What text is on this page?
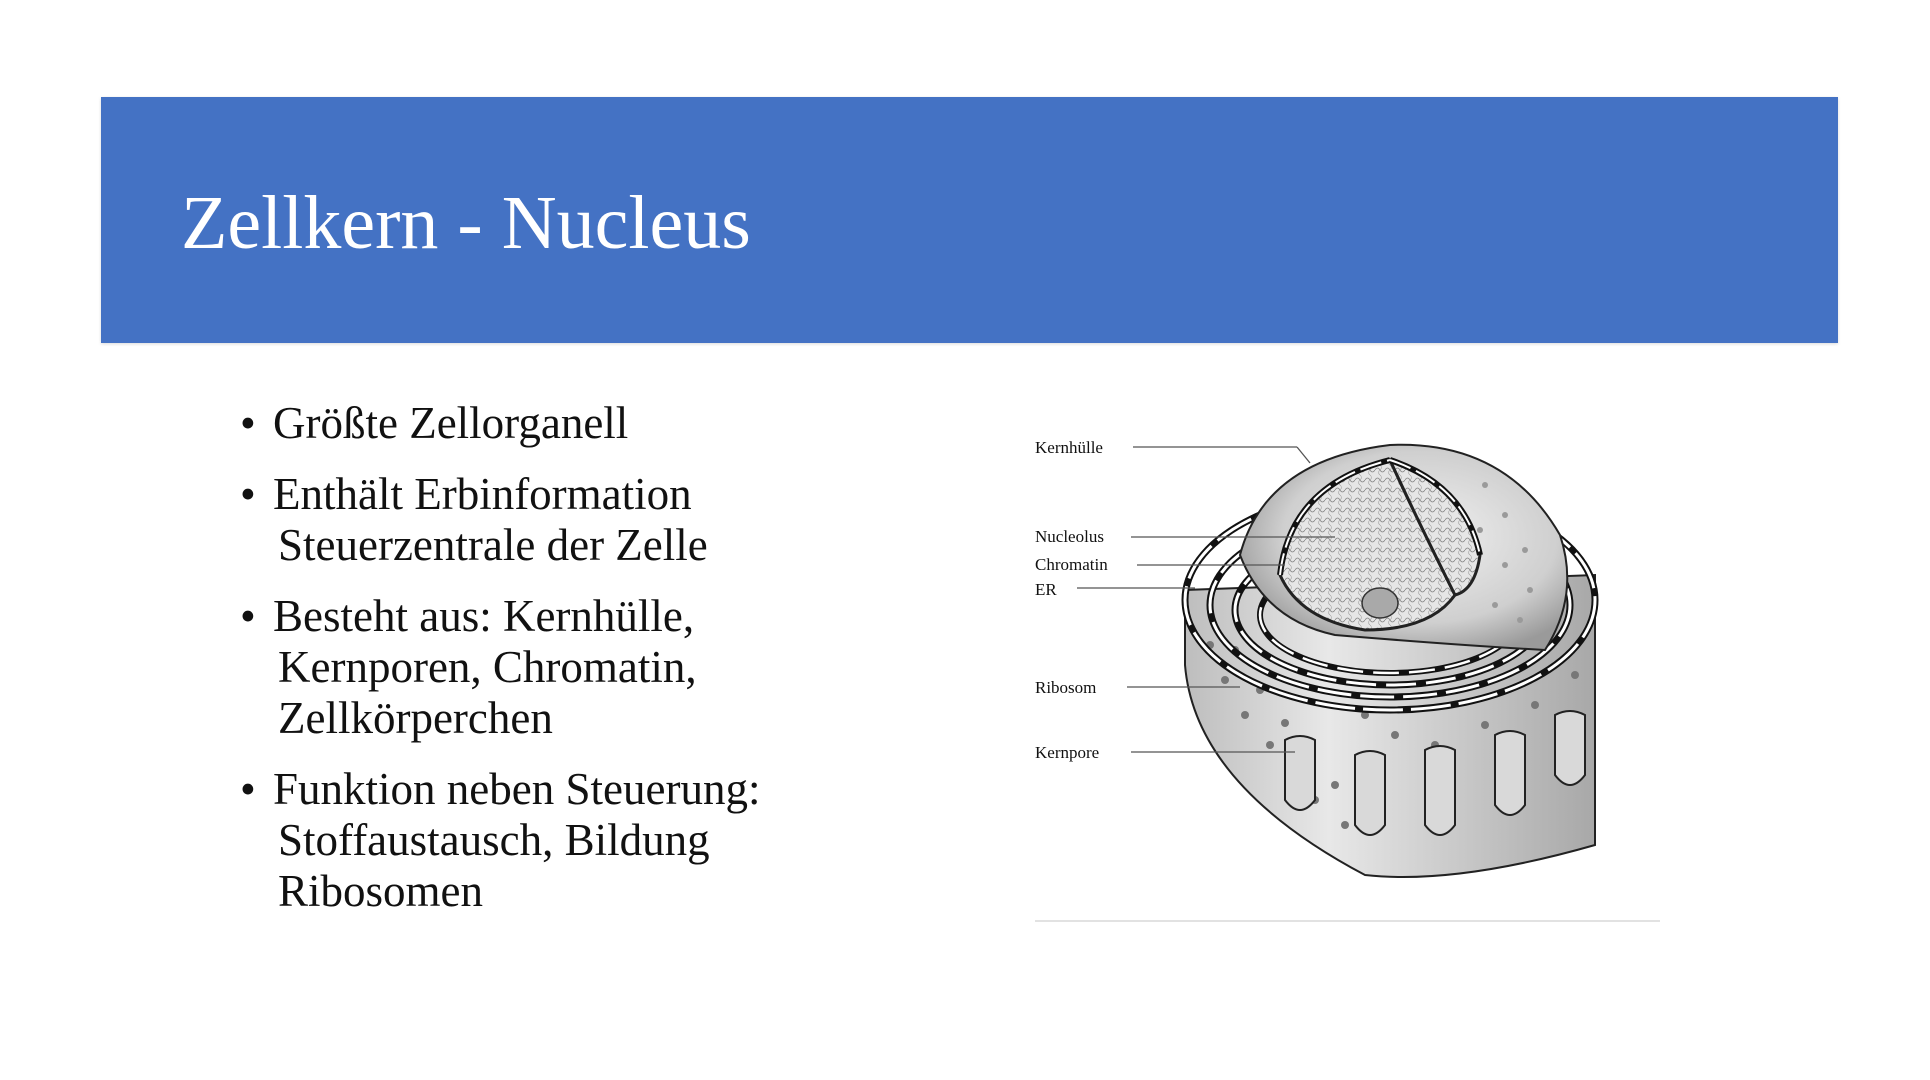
Zellkern - Nucleus
• Größte Zellorganell
• Enthält Erbinformation
Steuerzentrale der Zelle
• Besteht aus: Kernhülle,
Kernporen, Chromatin,
Zellkörperchen
• Funktion neben Steuerung:
Stoffaustausch, Bildung
Ribosomen
Kernhülle
Nucleolus
Chromatin
ER
Ribosom
Kernpore
